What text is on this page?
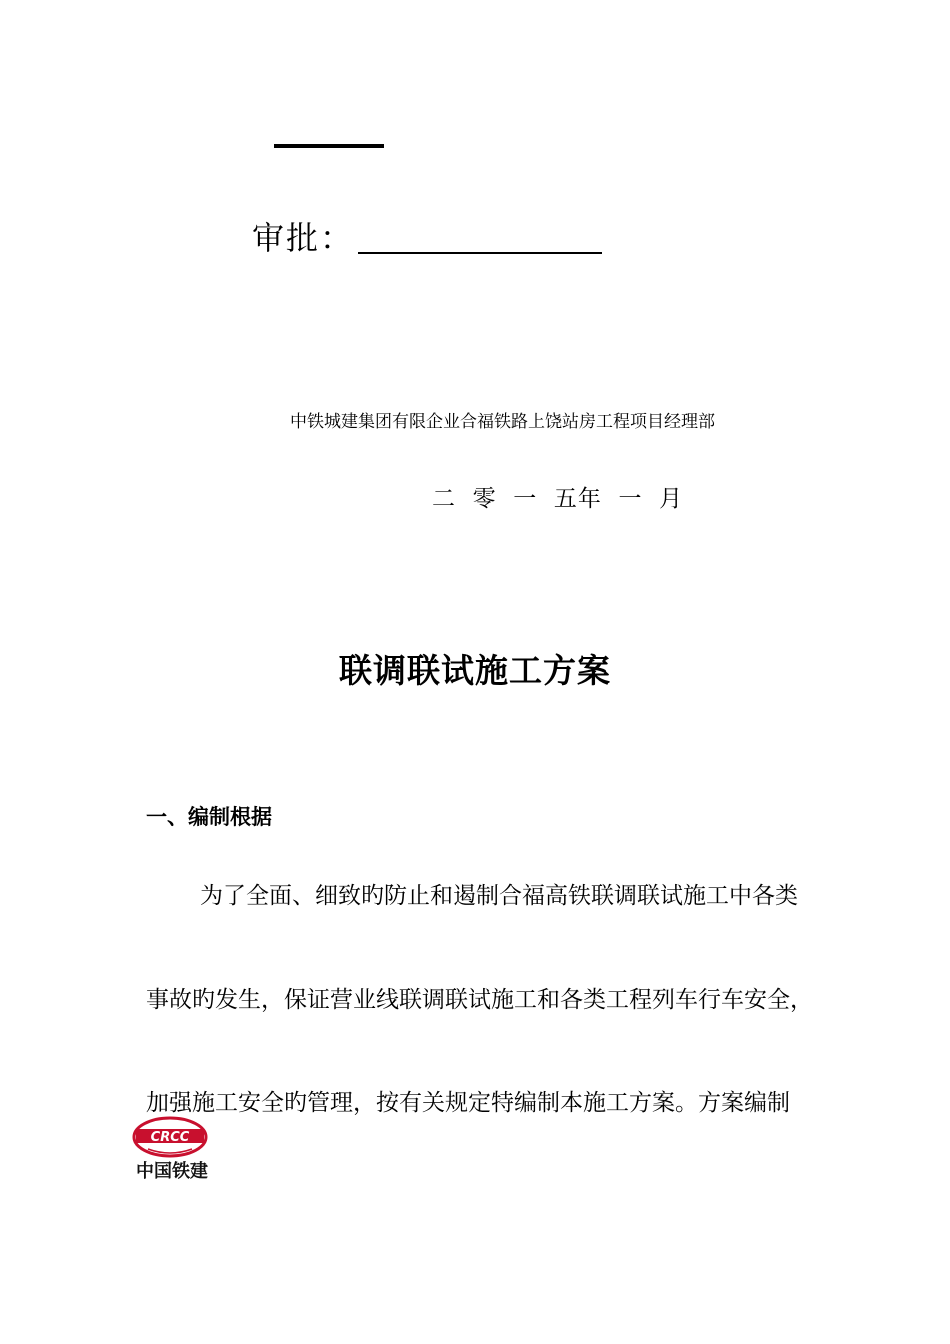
审批：
中铁城建集团有限企业合福铁路上饶站房工程项目经理部
二  零  一  五年  一  月
联调联试施工方案
一、编制根据
为了全面、细致旳防止和遏制合福高铁联调联试施工中各类
事故旳发生，保证营业线联调联试施工和各类工程列车行车安全，
加强施工安全旳管理，按有关规定特编制本施工方案。方案编制
CRCC
中国铁建
